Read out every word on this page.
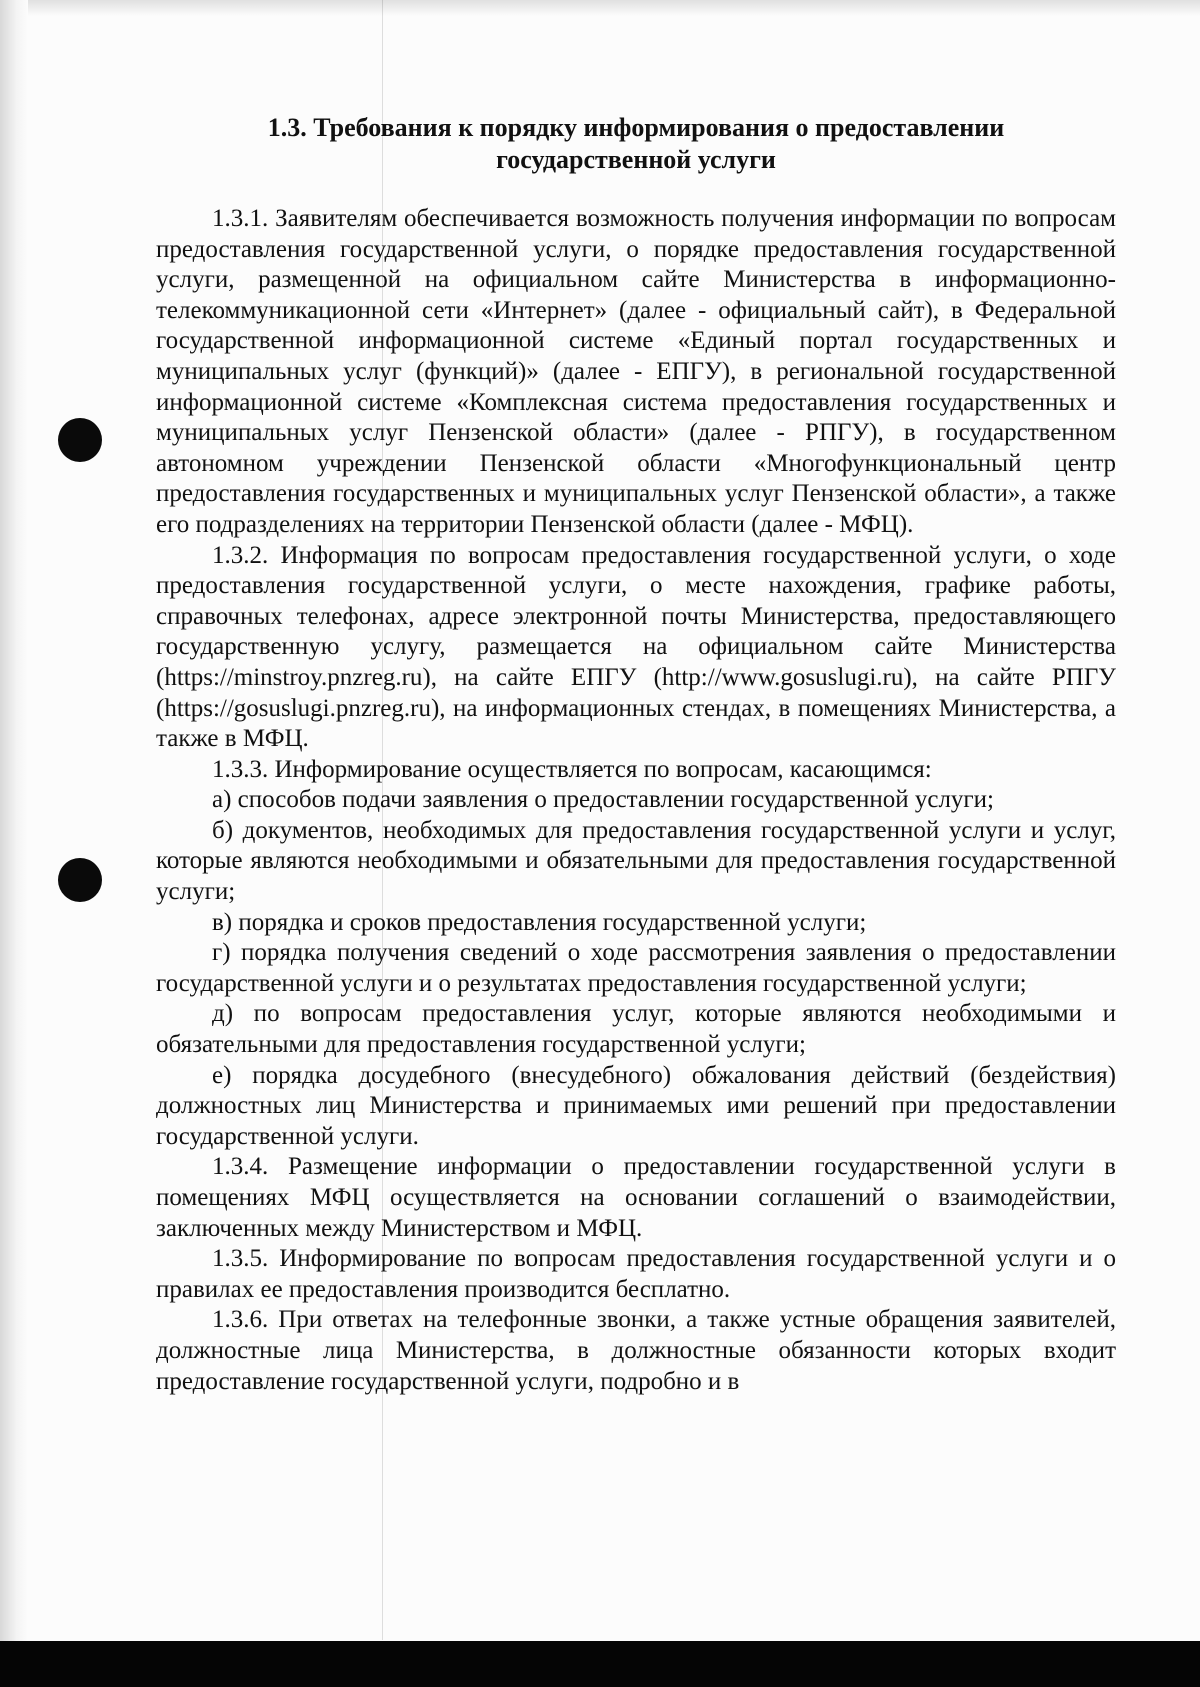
1.3. Требования к порядку информирования о предоставлении
государственной услуги

1.3.1. Заявителям обеспечивается возможность получения информации по вопросам предоставления государственной услуги, о порядке предоставления государственной услуги, размещенной на официальном сайте Министерства в информационно-телекоммуникационной сети «Интернет» (далее - официальный сайт), в Федеральной государственной информационной системе «Единый портал государственных и муниципальных услуг (функций)» (далее - ЕПГУ), в региональной государственной информационной системе «Комплексная система предоставления государственных и муниципальных услуг Пензенской области» (далее - РПГУ), в государственном автономном учреждении Пензенской области «Многофункциональный центр предоставления государственных и муниципальных услуг Пензенской области», а также его подразделениях на территории Пензенской области (далее - МФЦ).

1.3.2. Информация по вопросам предоставления государственной услуги, о ходе предоставления государственной услуги, о месте нахождения, графике работы, справочных телефонах, адресе электронной почты Министерства, предоставляющего государственную услугу, размещается на официальном сайте Министерства (https://minstroy.pnzreg.ru), на сайте ЕПГУ (http://www.gosuslugi.ru), на сайте РПГУ (https://gosuslugi.pnzreg.ru), на информационных стендах, в помещениях Министерства, а также в МФЦ.

1.3.3. Информирование осуществляется по вопросам, касающимся:

а) способов подачи заявления о предоставлении государственной услуги;

б) документов, необходимых для предоставления государственной услуги и услуг, которые являются необходимыми и обязательными для предоставления государственной услуги;

в) порядка и сроков предоставления государственной услуги;

г) порядка получения сведений о ходе рассмотрения заявления о предоставлении государственной услуги и о результатах предоставления государственной услуги;

д) по вопросам предоставления услуг, которые являются необходимыми и обязательными для предоставления государственной услуги;

е) порядка досудебного (внесудебного) обжалования действий (бездействия) должностных лиц Министерства и принимаемых ими решений при предоставлении государственной услуги.

1.3.4. Размещение информации о предоставлении государственной услуги в помещениях МФЦ осуществляется на основании соглашений о взаимодействии, заключенных между Министерством и МФЦ.

1.3.5. Информирование по вопросам предоставления государственной услуги и о правилах ее предоставления производится бесплатно.

1.3.6. При ответах на телефонные звонки, а также устные обращения заявителей, должностные лица Министерства, в должностные обязанности которых входит предоставление государственной услуги, подробно и в
